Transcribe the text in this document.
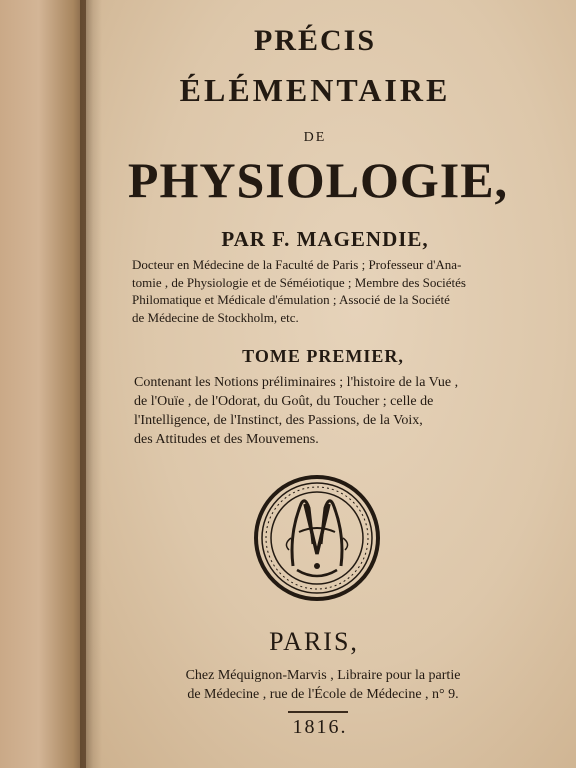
PRÉCIS
ÉLÉMENTAIRE
DE
PHYSIOLOGIE,
PAR F. MAGENDIE,
Docteur en Médecine de la Faculté de Paris ; Professeur d'Ana-
tomie , de Physiologie et de Séméiotique ; Membre des Sociétés
Philomatique et Médicale d'émulation ; Associé de la Société
de Médecine de Stockholm, etc.
TOME PREMIER,
Contenant les Notions préliminaires ; l'histoire de la Vue ,
de l'Ouïe , de l'Odorat, du Goût, du Toucher ; celle de
l'Intelligence, de l'Instinct, des Passions, de la Voix,
des Attitudes et des Mouvemens.
PARIS,
Chez Méquignon-Marvis , Libraire pour la partie
de Médecine , rue de l'École de Médecine , n° 9.
1816.
